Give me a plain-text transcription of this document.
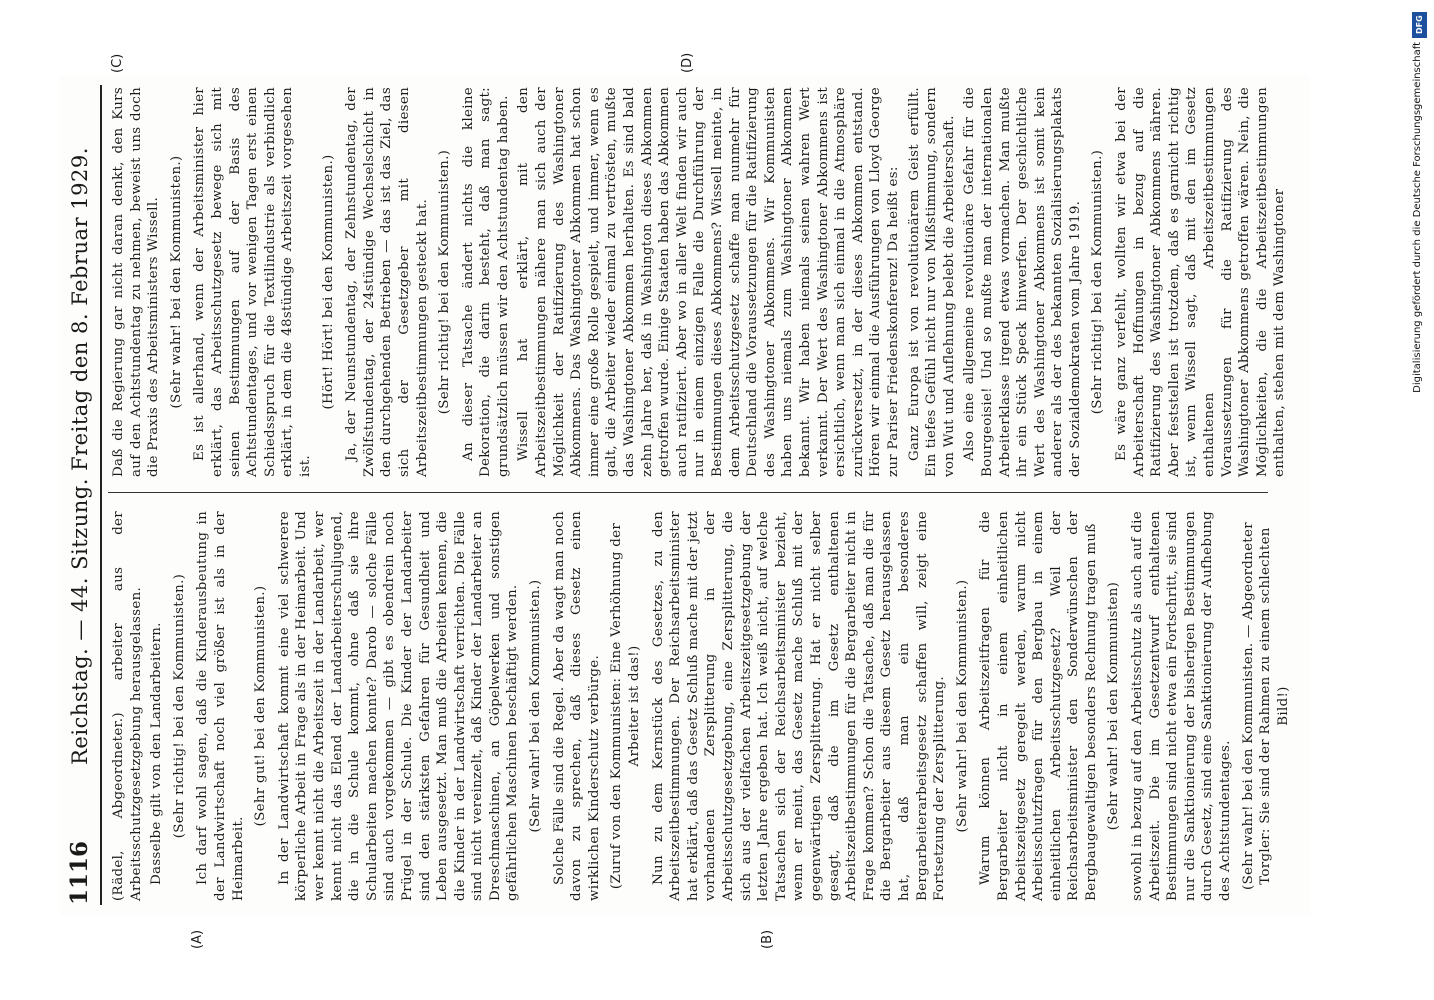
1116
Reichstag. — 44. Sitzung. Freitag den 8. Februar 1929.
(A)	(B)
(C)	(D)

(Rädel, Abgeordneter.) arbeiter aus der Arbeitsschutzgesetzgebung herausgelassen. Dasselbe gilt von den Landarbeitern. (Sehr richtig! bei den Kommunisten.) Ich darf wohl sagen, daß die Kinderausbeutung in der Landwirtschaft noch viel größer ist als in der Heimarbeit.

(Sehr gut! bei den Kommunisten.) In der Landwirtschaft kommt eine viel schwerere körperliche Arbeit in Frage als in der Heimarbeit. Und wer kennt nicht die Arbeitszeit in der Landarbeit, wer kennt nicht das Elend der Landarbeiterschuljugend, die in die Schule kommt, ohne daß sie ihre Schularbeiten machen konnte? Darob — solche Fälle sind auch vorgekommen — gibt es obendrein noch Prügel in der Schule. Die Kinder der Landarbeiter sind den stärksten Gefahren für Gesundheit und Leben ausgesetzt. Man muß die Arbeiten kennen, die die Kinder in der Landwirtschaft verrichten. Die Fälle sind nicht vereinzelt, daß Kinder der Landarbeiter an Dreschmaschinen, an Göpelwerken und sonstigen gefährlichen Maschinen beschäftigt werden. (Sehr wahr! bei den Kommunisten.) Solche Fälle sind die Regel. Aber da wagt man noch davon zu sprechen, daß dieses Gesetz einen wirklichen Kinderschutz verbürge. (Zuruf von den Kommunisten: Eine Verhöhnung der Arbeiter ist das!) Nun zu dem Kernstück des Gesetzes, zu den Arbeitszeitbestimmungen. Der Reichsarbeitsminister hat erklärt, daß das Gesetz Schluß mache mit der jetzt vorhandenen Zersplitterung in der Arbeitsschutzgesetzgebung, eine Zersplitterung, die sich aus der vielfachen Arbeitszeitgesetzgebung der letzten Jahre ergeben hat. Ich weiß nicht, auf welche Tatsachen sich der Reichsarbeitsminister bezieht, wenn er meint, das Gesetz mache Schluß mit der gegenwärtigen Zersplitterung. Hat er nicht selber gesagt, daß die im Gesetz enthaltenen Arbeitszeitbestimmungen für die Bergarbeiter nicht in Frage kommen? Schon die Tatsache, daß man die für die Bergarbeiter aus diesem Gesetz herausgelassen hat, daß man ein besonderes Bergarbeiterarbeitsgesetz schaffen will, zeigt eine Fortsetzung der Zersplitterung. (Sehr wahr! bei den Kommunisten.) Warum können Arbeitszeitfragen für die Bergarbeiter nicht in einem einheitlichen Arbeitszeitgesetz geregelt werden, warum nicht Arbeitsschutzfragen für den Bergbau in einem einheitlichen Arbeitsschutzgesetz? Weil der Reichsarbeitsminister den Sonderwünschen der Bergbaugewaltigen besonders Rechnung tragen muß (Sehr wahr! bei den Kommunisten) sowohl in bezug auf den Arbeitsschutz als auch auf die Arbeitszeit. Die im Gesetzentwurf enthaltenen Bestimmungen sind nicht etwa ein Fortschritt, sie sind nur die Sanktionierung der bisherigen Bestimmungen durch Gesetz, sind eine Sanktionierung der Aufhebung des Achtstundentages. (Sehr wahr! bei den Kommunisten. — Abgeordneter Torgler: Sie sind der Rahmen zu einem schlechten Bild!)

Daß die Regierung gar nicht daran denkt, den Kurs auf den Achtstundentag zu nehmen, beweist uns doch die Praxis des Arbeitsministers Wissell. (Sehr wahr! bei den Kommunisten.) Es ist allerhand, wenn der Arbeitsminister hier erklärt, das Arbeitsschutzgesetz bewege sich mit seinen Bestimmungen auf der Basis des Achtstundentages, und vor wenigen Tagen erst einen Schiedsspruch für die Textilindustrie als verbindlich erklärt, in dem die 48stündige Arbeitszeit vorgesehen ist.

(Hört! Hört! bei den Kommunisten.) Ja, der Neunstundentag, der Zehnstundentag, der Zwölfstundentag, der 24stündige Wechselschicht in den durchgehenden Betrieben — das ist das Ziel, das sich der Gesetzgeber mit diesen Arbeitszeitbestimmungen gesteckt hat. (Sehr richtig! bei den Kommunisten.) An dieser Tatsache ändert nichts die kleine Dekoration, die darin besteht, daß man sagt: grundsätzlich müssen wir den Achtstundentag haben. Wissell hat erklärt, mit den Arbeitszeitbestimmungen nähere man sich auch der Möglichkeit der Ratifizierung des Washingtoner Abkommens. Das Washingtoner Abkommen hat schon immer eine große Rolle gespielt, und immer, wenn es galt, die Arbeiter wieder einmal zu vertrösten, mußte das Washingtoner Abkommen herhalten. Es sind bald zehn Jahre her, daß in Washington dieses Abkommen getroffen wurde. Einige Staaten haben das Abkommen auch ratifiziert. Aber wo in aller Welt finden wir auch nur in einem einzigen Falle die Durchführung der Bestimmungen dieses Abkommens? Wissell meinte, in dem Arbeitsschutzgesetz schaffe man nunmehr für Deutschland die Voraussetzungen für die Ratifizierung des Washingtoner Abkommens. Wir Kommunisten haben uns niemals zum Washingtoner Abkommen bekannt. Wir haben niemals seinen wahren Wert verkannt. Der Wert des Washingtoner Abkommens ist ersichtlich, wenn man sich einmal in die Atmosphäre zurückversetzt, in der dieses Abkommen entstand. Hören wir einmal die Ausführungen von Lloyd George zur Pariser Friedenskonferenz! Da heißt es: Ganz Europa ist von revolutionärem Geist erfüllt. Ein tiefes Gefühl nicht nur von Mißstimmung, sondern von Wut und Auflehnung belebt die Arbeiterschaft. Also eine allgemeine revolutionäre Gefahr für die Bourgeoisie! Und so mußte man der internationalen Arbeiterklasse irgend etwas vormachen. Man mußte ihr ein Stück Speck hinwerfen. Der geschichtliche Wert des Washingtoner Abkommens ist somit kein anderer als der des bekannten Sozialisierungsplakats der Sozialdemokraten vom Jahre 1919. (Sehr richtig! bei den Kommunisten.) Es wäre ganz verfehlt, wollten wir etwa bei der Arbeiterschaft Hoffnungen in bezug auf die Ratifizierung des Washingtoner Abkommens nähren. Aber feststellen ist trotzdem, daß es garnicht richtig ist, wenn Wissell sagt, daß mit den im Gesetz enthaltenen Arbeitszeitbestimmungen Voraussetzungen für die Ratifizierung des Washingtoner Abkommens getroffen wären. Nein, die Möglichkeiten, die die Arbeitszeitbestimmungen enthalten, stehen mit dem Washingtoner

DFG
Digitalisierung gefördert durch die Deutsche Forschungsgemeinschaft
